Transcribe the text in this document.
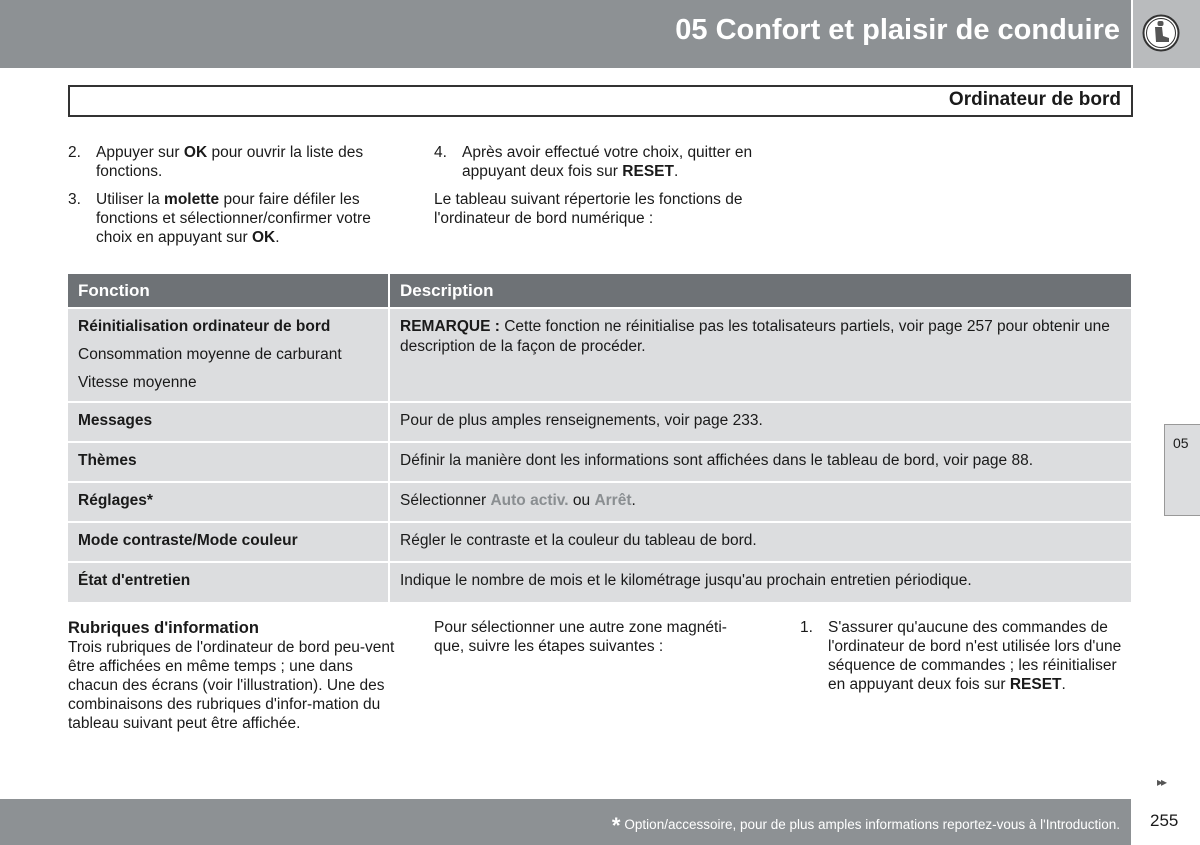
05 Confort et plaisir de conduire
Ordinateur de bord
2. Appuyer sur OK pour ouvrir la liste des fonctions.
3. Utiliser la molette pour faire défiler les fonctions et sélectionner/confirmer votre choix en appuyant sur OK.
4. Après avoir effectué votre choix, quitter en appuyant deux fois sur RESET.
Le tableau suivant répertorie les fonctions de l'ordinateur de bord numérique :
Fonction	Description
Réinitialisation ordinateur de bord
Consommation moyenne de carburant
Vitesse moyenne	REMARQUE : Cette fonction ne réinitialise pas les totalisateurs partiels, voir page 257 pour obtenir une description de la façon de procéder.
Messages	Pour de plus amples renseignements, voir page 233.
Thèmes	Définir la manière dont les informations sont affichées dans le tableau de bord, voir page 88.
Réglages*	Sélectionner Auto activ. ou Arrêt.
Mode contraste/Mode couleur	Régler le contraste et la couleur du tableau de bord.
État d'entretien	Indique le nombre de mois et le kilométrage jusqu'au prochain entretien périodique.
Rubriques d'information
Trois rubriques de l'ordinateur de bord peu-vent être affichées en même temps ; une dans chacun des écrans (voir l'illustration). Une des combinaisons des rubriques d'infor-mation du tableau suivant peut être affichée.
Pour sélectionner une autre zone magnéti-que, suivre les étapes suivantes :
1. S'assurer qu'aucune des commandes de l'ordinateur de bord n'est utilisée lors d'une séquence de commandes ; les réinitialiser en appuyant deux fois sur RESET.
05
▸▸
* Option/accessoire, pour de plus amples informations reportez-vous à l'Introduction. 255
